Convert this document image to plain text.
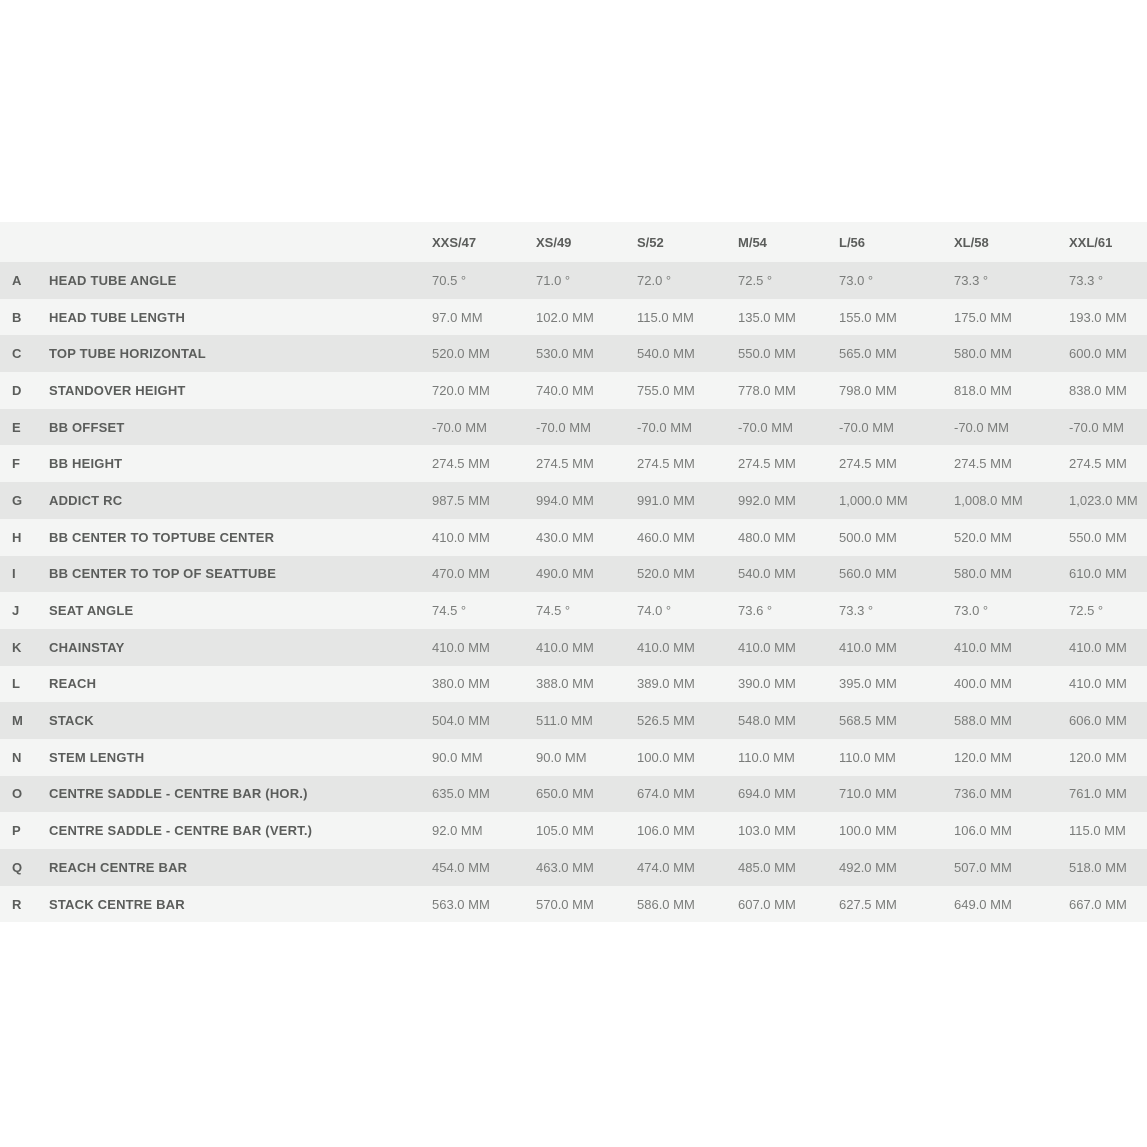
		XXS/47	XS/49	S/52	M/54	L/56	XL/58	XXL/61
A	HEAD TUBE ANGLE	70.5 °	71.0 °	72.0 °	72.5 °	73.0 °	73.3 °	73.3 °
B	HEAD TUBE LENGTH	97.0 MM	102.0 MM	115.0 MM	135.0 MM	155.0 MM	175.0 MM	193.0 MM
C	TOP TUBE HORIZONTAL	520.0 MM	530.0 MM	540.0 MM	550.0 MM	565.0 MM	580.0 MM	600.0 MM
D	STANDOVER HEIGHT	720.0 MM	740.0 MM	755.0 MM	778.0 MM	798.0 MM	818.0 MM	838.0 MM
E	BB OFFSET	-70.0 MM	-70.0 MM	-70.0 MM	-70.0 MM	-70.0 MM	-70.0 MM	-70.0 MM
F	BB HEIGHT	274.5 MM	274.5 MM	274.5 MM	274.5 MM	274.5 MM	274.5 MM	274.5 MM
G	ADDICT RC	987.5 MM	994.0 MM	991.0 MM	992.0 MM	1,000.0 MM	1,008.0 MM	1,023.0 MM
H	BB CENTER TO TOPTUBE CENTER	410.0 MM	430.0 MM	460.0 MM	480.0 MM	500.0 MM	520.0 MM	550.0 MM
I	BB CENTER TO TOP OF SEATTUBE	470.0 MM	490.0 MM	520.0 MM	540.0 MM	560.0 MM	580.0 MM	610.0 MM
J	SEAT ANGLE	74.5 °	74.5 °	74.0 °	73.6 °	73.3 °	73.0 °	72.5 °
K	CHAINSTAY	410.0 MM	410.0 MM	410.0 MM	410.0 MM	410.0 MM	410.0 MM	410.0 MM
L	REACH	380.0 MM	388.0 MM	389.0 MM	390.0 MM	395.0 MM	400.0 MM	410.0 MM
M	STACK	504.0 MM	511.0 MM	526.5 MM	548.0 MM	568.5 MM	588.0 MM	606.0 MM
N	STEM LENGTH	90.0 MM	90.0 MM	100.0 MM	110.0 MM	110.0 MM	120.0 MM	120.0 MM
O	CENTRE SADDLE - CENTRE BAR (HOR.)	635.0 MM	650.0 MM	674.0 MM	694.0 MM	710.0 MM	736.0 MM	761.0 MM
P	CENTRE SADDLE - CENTRE BAR (VERT.)	92.0 MM	105.0 MM	106.0 MM	103.0 MM	100.0 MM	106.0 MM	115.0 MM
Q	REACH CENTRE BAR	454.0 MM	463.0 MM	474.0 MM	485.0 MM	492.0 MM	507.0 MM	518.0 MM
R	STACK CENTRE BAR	563.0 MM	570.0 MM	586.0 MM	607.0 MM	627.5 MM	649.0 MM	667.0 MM
